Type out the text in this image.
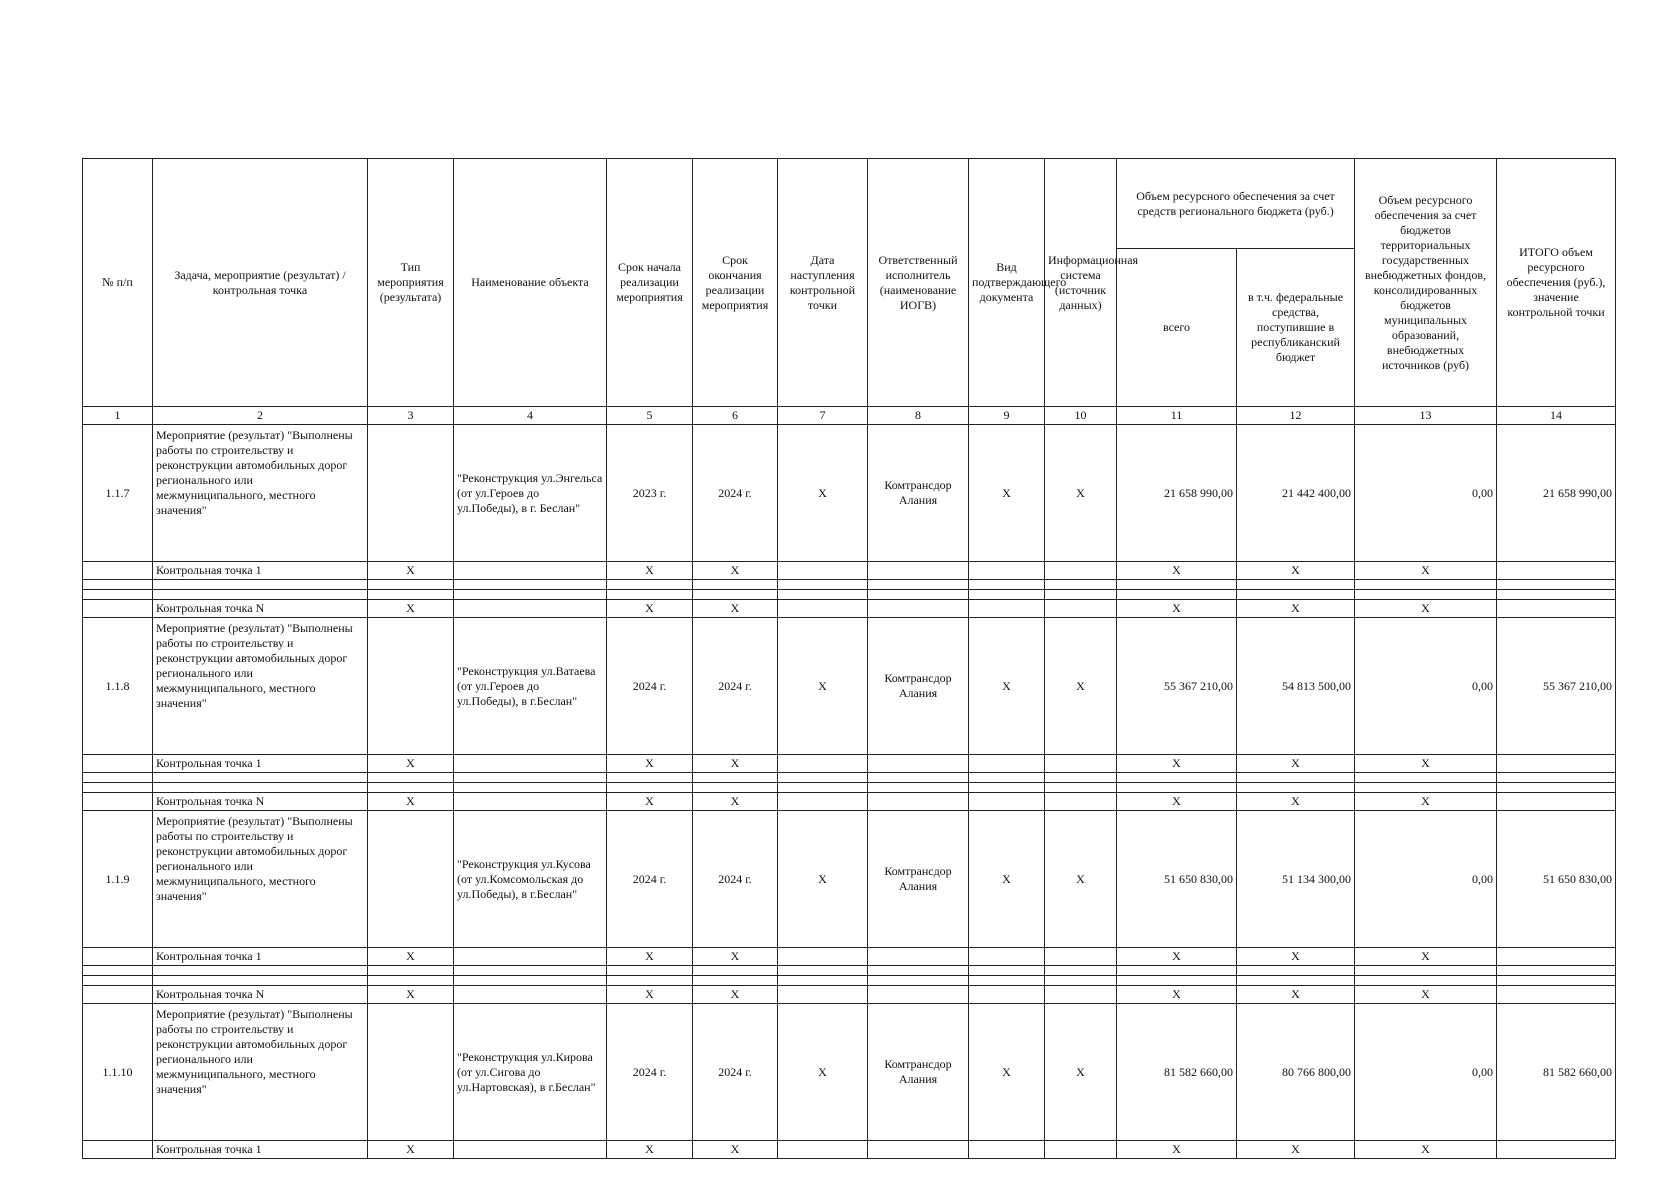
№ п/п	Задача, мероприятие (результат) / контрольная точка	Тип мероприятия (результата)	Наименование объекта	Срок начала реализации мероприятия	Срок окончания реализации мероприятия	Дата наступления контрольной точки	Ответственный исполнитель (наименование ИОГВ)	Вид подтверждающего документа	Информационная система (источник данных)	Объем ресурсного обеспечения за счет средств регионального бюджета (руб.)		Объем ресурсного обеспечения за счет бюджетов территориальных государственных внебюджетных фондов, консолидированных бюджетов муниципальных образований, внебюджетных источников (руб)	ИТОГО объем ресурсного обеспечения (руб.), значение контрольной точки
										всего	в т.ч. федеральные средства, поступившие в республиканский бюджет		
1	2	3	4	5	6	7	8	9	10	11	12	13	14
1.1.7	Мероприятие (результат) "Выполнены работы по строительству и реконструкции автомобильных дорог регионального или межмуниципального, местного значения"		"Реконструкция ул.Энгельса (от ул.Героев до ул.Победы), в г. Беслан"	2023 г.	2024 г.	X	Комтрансдор Алания	X	X	21 658 990,00	21 442 400,00	0,00	21 658 990,00
	Контрольная точка 1	X		X	X					X	X	X	

	Контрольная точка N	X		X	X					X	X	X	
1.1.8	Мероприятие (результат) "Выполнены работы по строительству и реконструкции автомобильных дорог регионального или межмуниципального, местного значения"		"Реконструкция ул.Ватаева (от ул.Героев до ул.Победы), в г.Беслан"	2024 г.	2024 г.	X	Комтрансдор Алания	X	X	55 367 210,00	54 813 500,00	0,00	55 367 210,00
	Контрольная точка 1	X		X	X					X	X	X	

	Контрольная точка N	X		X	X					X	X	X	
1.1.9	Мероприятие (результат) "Выполнены работы по строительству и реконструкции автомобильных дорог регионального или межмуниципального, местного значения"		"Реконструкция ул.Кусова (от ул.Комсомольская до ул.Победы), в г.Беслан"	2024 г.	2024 г.	X	Комтрансдор Алания	X	X	51 650 830,00	51 134 300,00	0,00	51 650 830,00
	Контрольная точка 1	X		X	X					X	X	X	

	Контрольная точка N	X		X	X					X	X	X	
1.1.10	Мероприятие (результат) "Выполнены работы по строительству и реконструкции автомобильных дорог регионального или межмуниципального, местного значения"		"Реконструкция ул.Кирова (от ул.Сигова до ул.Нартовская), в г.Беслан"	2024 г.	2024 г.	X	Комтрансдор Алания	X	X	81 582 660,00	80 766 800,00	0,00	81 582 660,00
	Контрольная точка 1	X		X	X					X	X	X	
